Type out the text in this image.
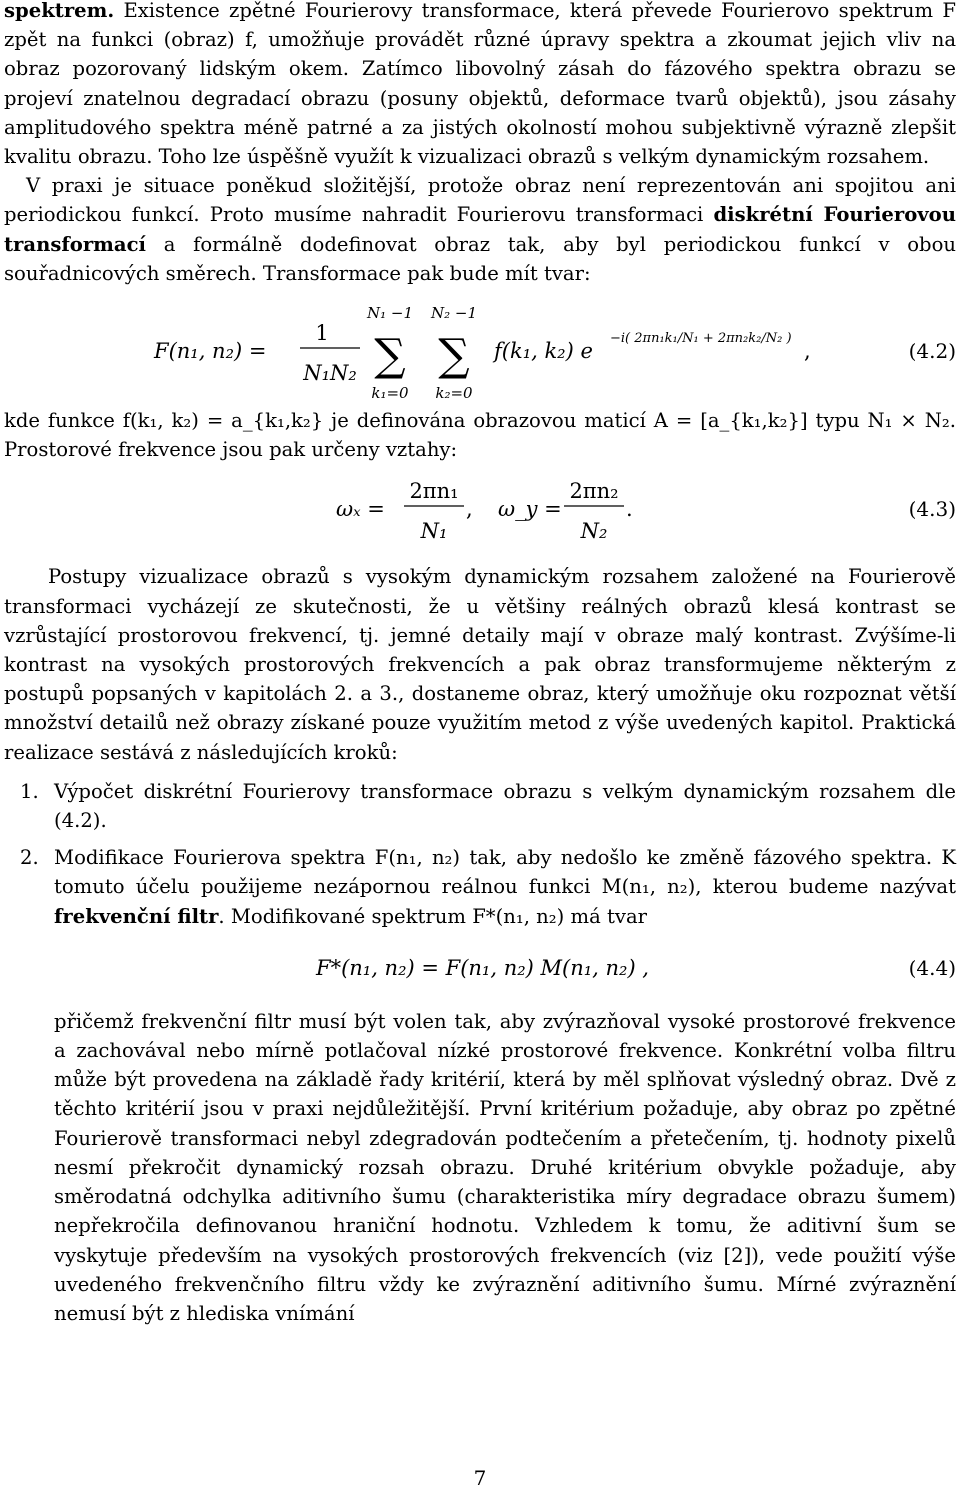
spektrem. Existence zpětné Fourierovy transformace, která převede Fourierovo spektrum F zpět na funkci (obraz) f, umožňuje provádět různé úpravy spektra a zkoumat jejich vliv na obraz pozorovaný lidským okem. Zatímco libovolný zásah do fázového spektra obrazu se projeví znatelnou degradací obrazu (posuny objektů, deformace tvarů objektů), jsou zásahy amplitudového spektra méně patrné a za jistých okolností mohou subjektivně výrazně zlepšit kvalitu obrazu. Toho lze úspěšně využít k vizualizaci obrazů s velkým dynamickým rozsahem.

V praxi je situace poněkud složitější, protože obraz není reprezentován ani spojitou ani periodickou funkcí. Proto musíme nahradit Fourierovu transformaci diskrétní Fourierovou transformací a formálně dodefinovat obraz tak, aby byl periodickou funkcí v obou souřadnicových směrech. Transformace pak bude mít tvar:

F(n₁, n₂) =
1
N₁N₂
N₁ −1
∑
k₁=0
N₂ −1
∑
k₂=0
f(k₁, k₂) e
−i( 2πn₁k₁/N₁ + 2πn₂k₂/N₂ )
,	(4.2)

kde funkce f(k₁, k₂) = a_{k₁,k₂} je definována obrazovou maticí A = [a_{k₁,k₂}] typu N₁ × N₂. Prostorové frekvence jsou pak určeny vztahy:

ωₓ =
2πn₁
N₁
, ω_y =
2πn₂
N₂
.	(4.3)

Postupy vizualizace obrazů s vysokým dynamickým rozsahem založené na Fourierově transformaci vycházejí ze skutečnosti, že u většiny reálných obrazů klesá kontrast se vzrůstající prostorovou frekvencí, tj. jemné detaily mají v obraze malý kontrast. Zvýšíme-li kontrast na vysokých prostorových frekvencích a pak obraz transformujeme některým z postupů popsaných v kapitolách 2. a 3., dostaneme obraz, který umožňuje oku rozpoznat větší množství detailů než obrazy získané pouze využitím metod z výše uvedených kapitol. Praktická realizace sestává z následujících kroků:

1. Výpočet diskrétní Fourierovy transformace obrazu s velkým dynamickým rozsahem dle (4.2).
2. Modifikace Fourierova spektra F(n₁, n₂) tak, aby nedošlo ke změně fázového spektra. K tomuto účelu použijeme nezápornou reálnou funkci M(n₁, n₂), kterou budeme nazývat frekvenční filtr. Modifikované spektrum F*(n₁, n₂) má tvar
F*(n₁, n₂) = F(n₁, n₂) M(n₁, n₂) ,	(4.4)

přičemž frekvenční filtr musí být volen tak, aby zvýrazňoval vysoké prostorové frekvence a zachovával nebo mírně potlačoval nízké prostorové frekvence. Konkrétní volba filtru může být provedena na základě řady kritérií, která by měl splňovat výsledný obraz. Dvě z těchto kritérií jsou v praxi nejdůležitější. První kritérium požaduje, aby obraz po zpětné Fourierově transformaci nebyl zdegradován podtečením a přetečením, tj. hodnoty pixelů nesmí překročit dynamický rozsah obrazu. Druhé kritérium obvykle požaduje, aby směrodatná odchylka aditivního šumu (charakteristika míry degradace obrazu šumem) nepřekročila definovanou hraniční hodnotu. Vzhledem k tomu, že aditivní šum se vyskytuje především na vysokých prostorových frekvencích (viz [2]), vede použití výše uvedeného frekvenčního filtru vždy ke zvýraznění aditivního šumu. Mírné zvýraznění nemusí být z hlediska vnímání

7
